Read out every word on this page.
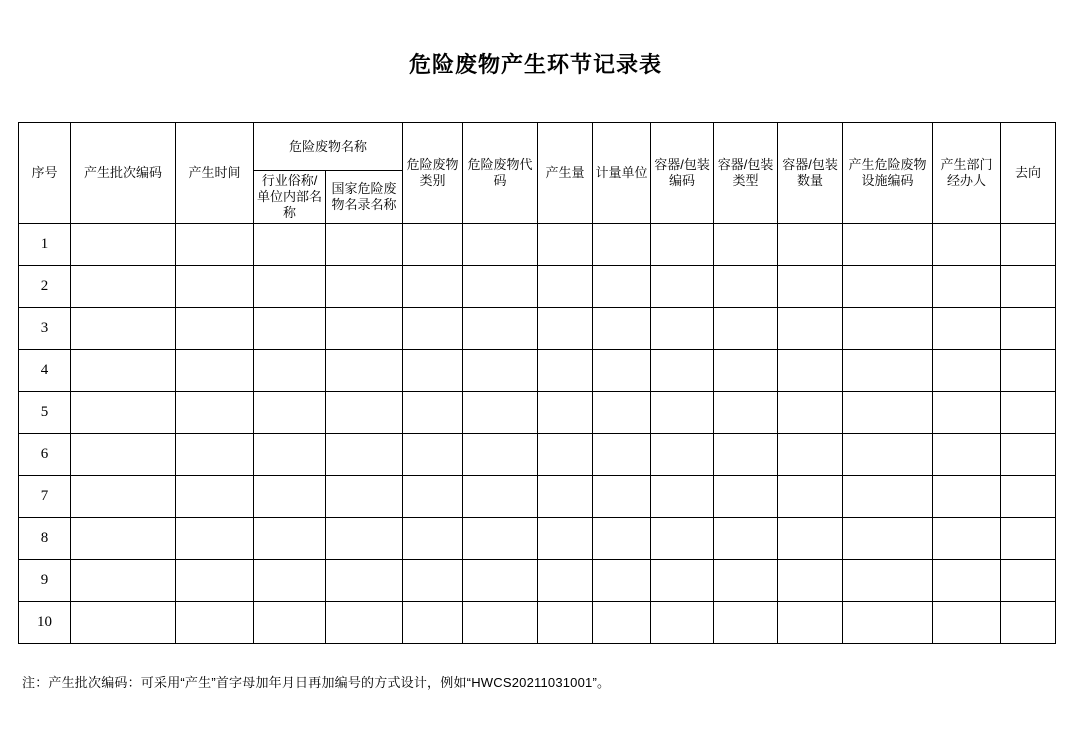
危险废物产生环节记录表
序号	产生批次编码	产生时间	危险废物名称		危险废物类别	危险废物代码	产生量	计量单位	容器/包装编码	容器/包装类型	容器/包装数量	产生危险废物设施编码	产生部门经办人	去向
			行业俗称/单位内部名称	国家危险废物名录名称										
1														
2														
3														
4														
5														
6														
7														
8														
9														
10														
注：产生批次编码：可采用“产生”首字母加年月日再加编号的方式设计，例如“HWCS20211031001”。
